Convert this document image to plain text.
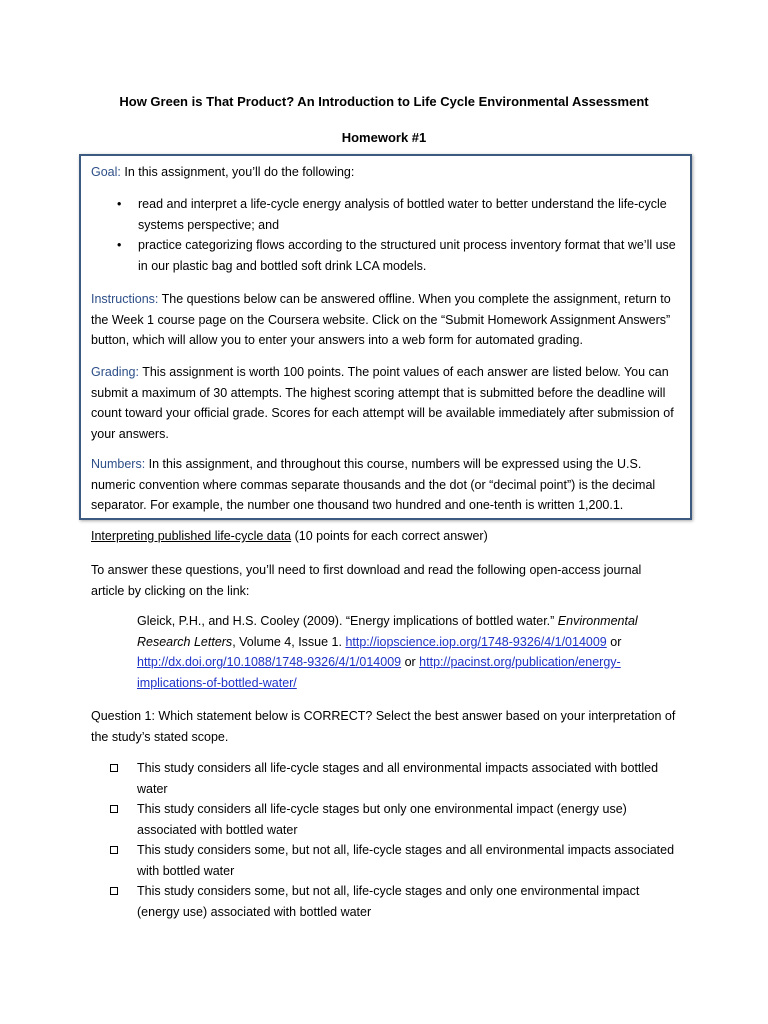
How Green is That Product? An Introduction to Life Cycle Environmental Assessment
Homework #1

Goal: In this assignment, you’ll do the following:

• read and interpret a life-cycle energy analysis of bottled water to better understand the life-cycle systems perspective; and
• practice categorizing flows according to the structured unit process inventory format that we’ll use in our plastic bag and bottled soft drink LCA models.

Instructions: The questions below can be answered offline. When you complete the assignment, return to the Week 1 course page on the Coursera website. Click on the “Submit Homework Assignment Answers” button, which will allow you to enter your answers into a web form for automated grading.

Grading: This assignment is worth 100 points. The point values of each answer are listed below. You can submit a maximum of 30 attempts. The highest scoring attempt that is submitted before the deadline will count toward your official grade. Scores for each attempt will be available immediately after submission of your answers.

Numbers: In this assignment, and throughout this course, numbers will be expressed using the U.S. numeric convention where commas separate thousands and the dot (or “decimal point”) is the decimal separator. For example, the number one thousand two hundred and one-tenth is written 1,200.1.

Interpreting published life-cycle data (10 points for each correct answer)
To answer these questions, you’ll need to first download and read the following open-access journal article by clicking on the link:
Gleick, P.H., and H.S. Cooley (2009). “Energy implications of bottled water.” Environmental Research Letters, Volume 4, Issue 1. http://iopscience.iop.org/1748-9326/4/1/014009 or http://dx.doi.org/10.1088/1748-9326/4/1/014009 or http://pacinst.org/publication/energy-implications-of-bottled-water/
Question 1: Which statement below is CORRECT? Select the best answer based on your interpretation of the study’s stated scope.
This study considers all life-cycle stages and all environmental impacts associated with bottled water
This study considers all life-cycle stages but only one environmental impact (energy use) associated with bottled water
This study considers some, but not all, life-cycle stages and all environmental impacts associated with bottled water
This study considers some, but not all, life-cycle stages and only one environmental impact (energy use) associated with bottled water
